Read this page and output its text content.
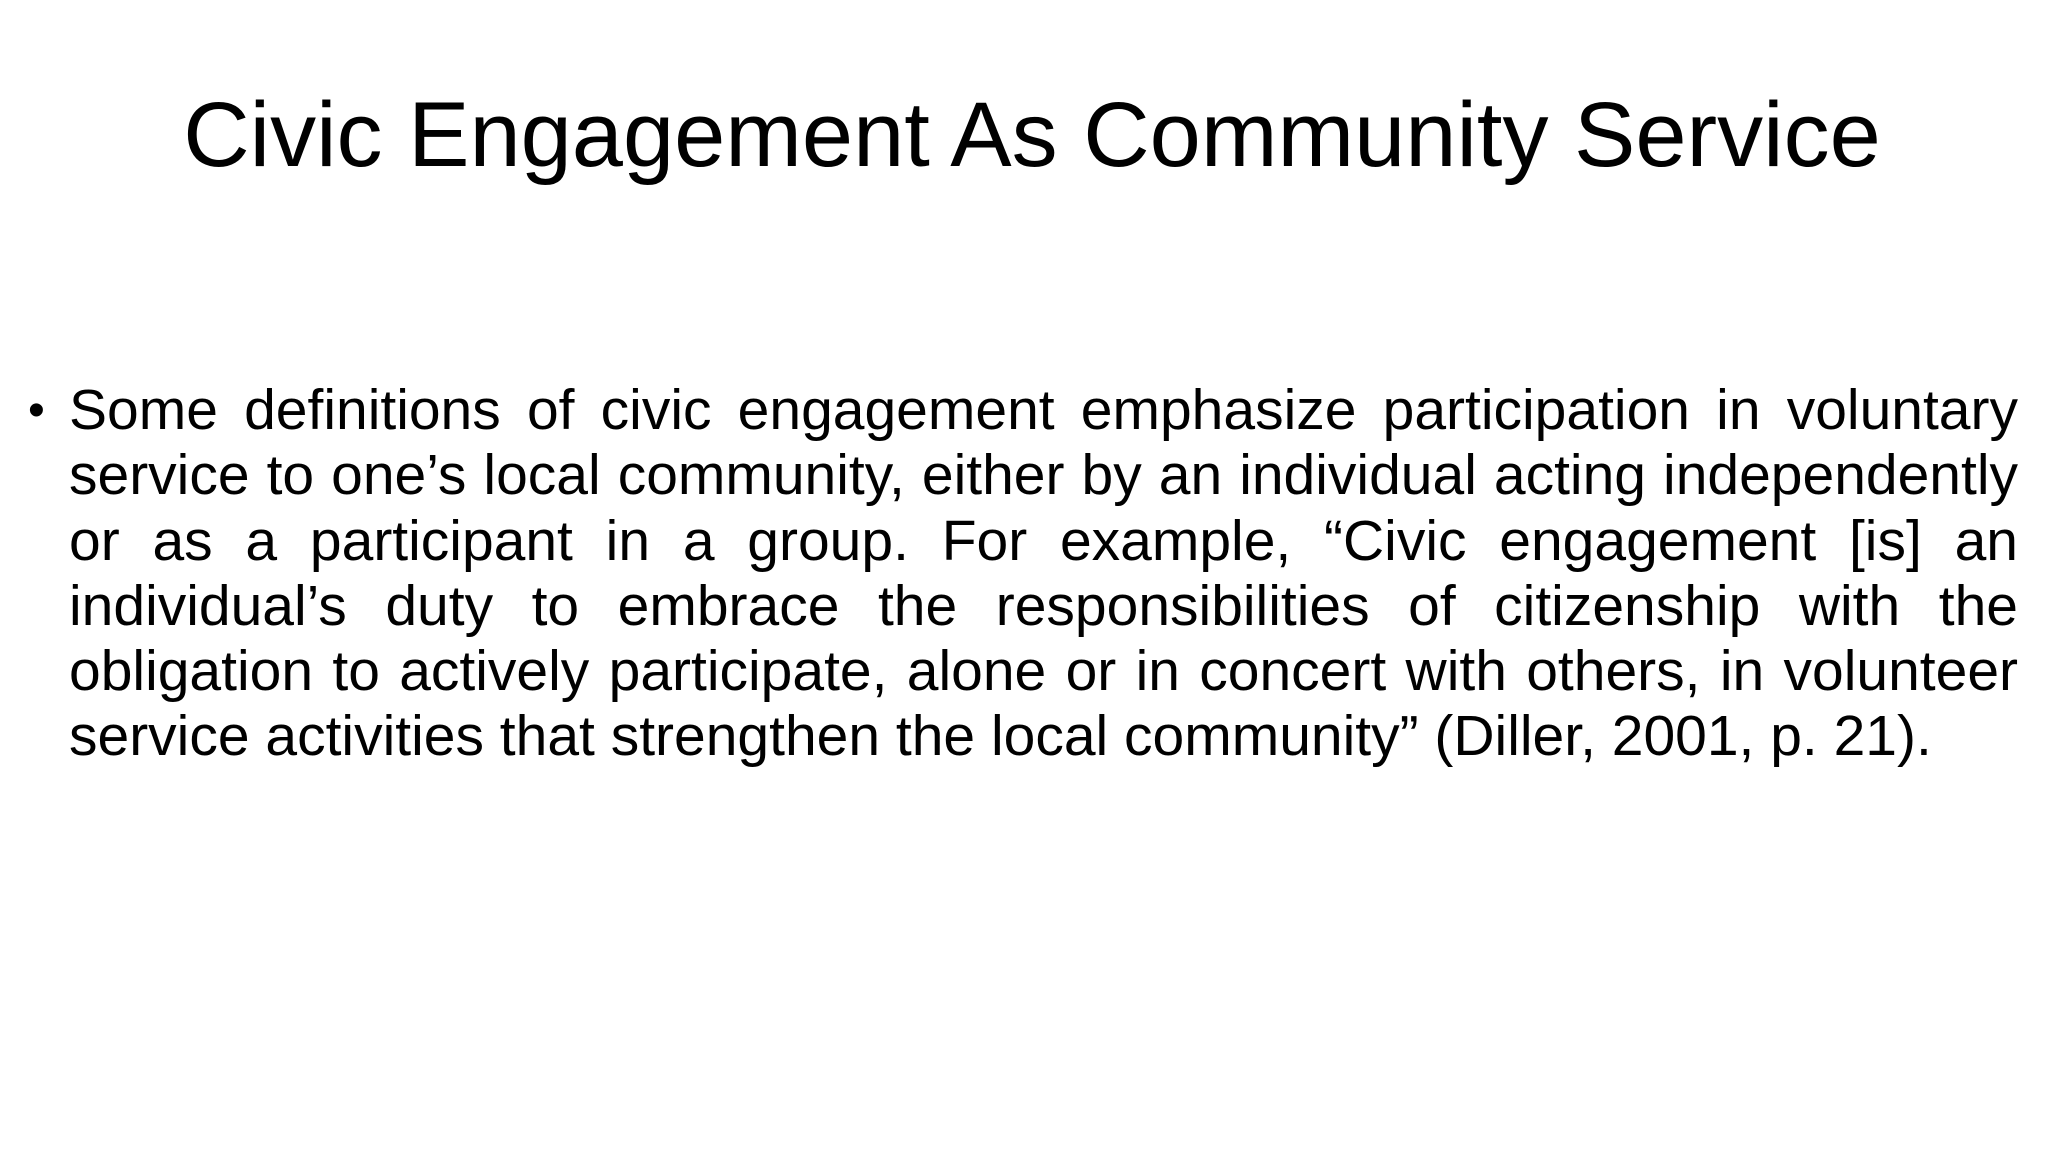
Civic Engagement As Community Service
• Some definitions of civic engagement emphasize participation in voluntary service to one’s local community, either by an individual acting independently or as a participant in a group. For example, “Civic engagement [is] an individual’s duty to embrace the responsibilities of citizenship with the obligation to actively participate, alone or in concert with others, in volunteer service activities that strengthen the local community” (Diller, 2001, p. 21).
